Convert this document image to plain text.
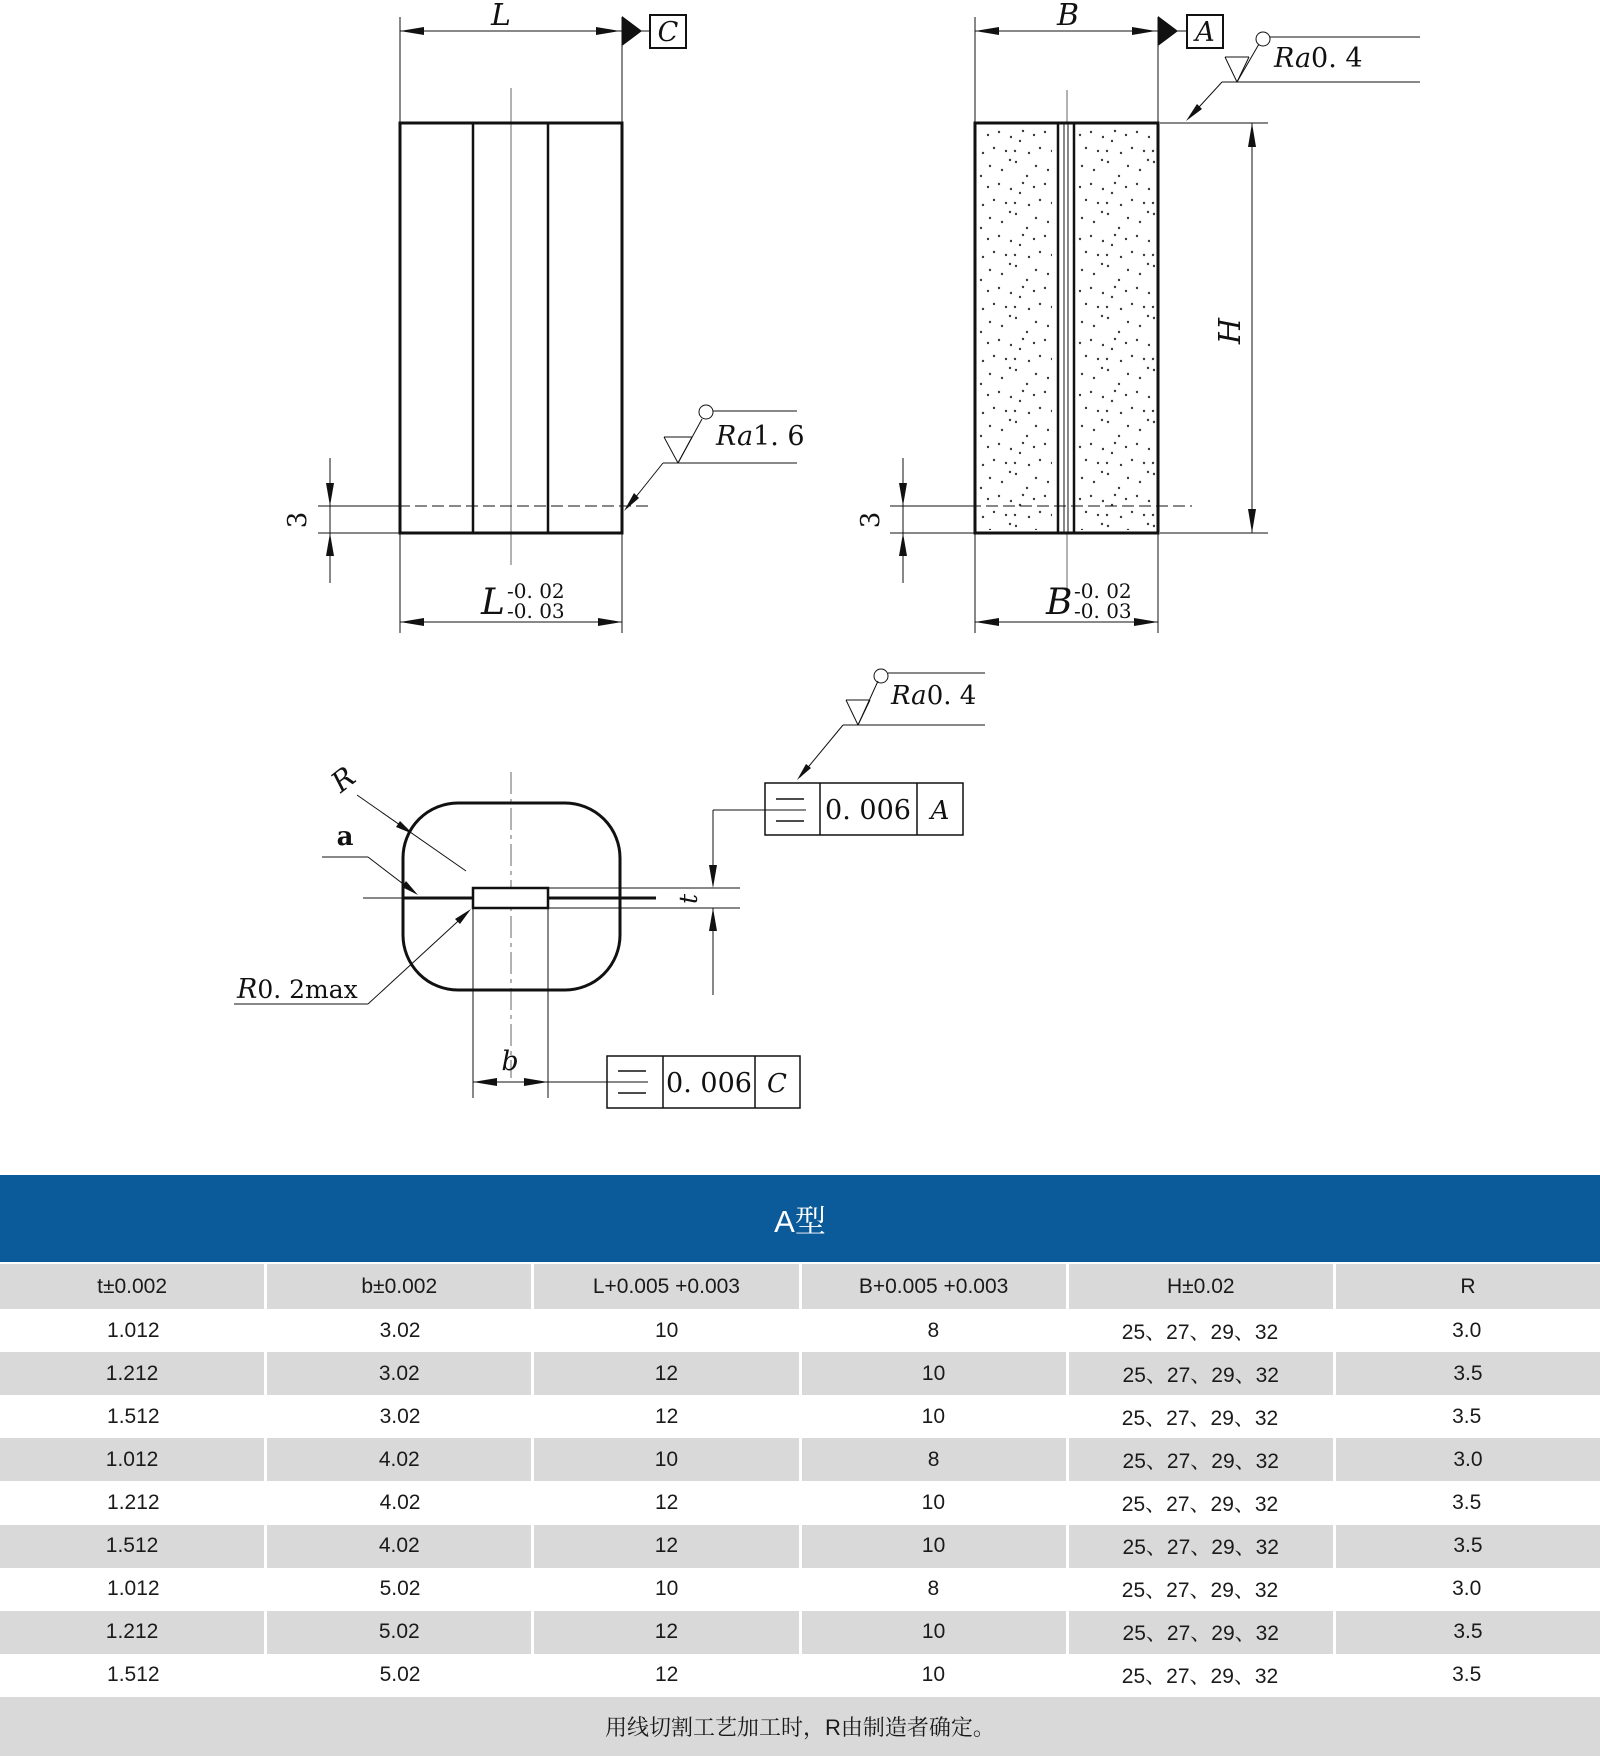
L	C
Ra1. 6
3
L -0. 02
-0. 03
B	A
Ra0. 4
H
3
B -0. 02
-0. 03
R
a
R0. 2max
t
b
Ra0. 4
0. 006 A
0. 006 C
A型
t±0.002	b±0.002	L+0.005 +0.003	B+0.005 +0.003	H±0.02	R
1.012	3.02	10	8	25、27、29、32	3.0
1.212	3.02	12	10	25、27、29、32	3.5
1.512	3.02	12	10	25、27、29、32	3.5
1.012	4.02	10	8	25、27、29、32	3.0
1.212	4.02	12	10	25、27、29、32	3.5
1.512	4.02	12	10	25、27、29、32	3.5
1.012	5.02	10	8	25、27、29、32	3.0
1.212	5.02	12	10	25、27、29、32	3.5
1.512	5.02	12	10	25、27、29、32	3.5
用线切割工艺加工时，R由制造者确定。
